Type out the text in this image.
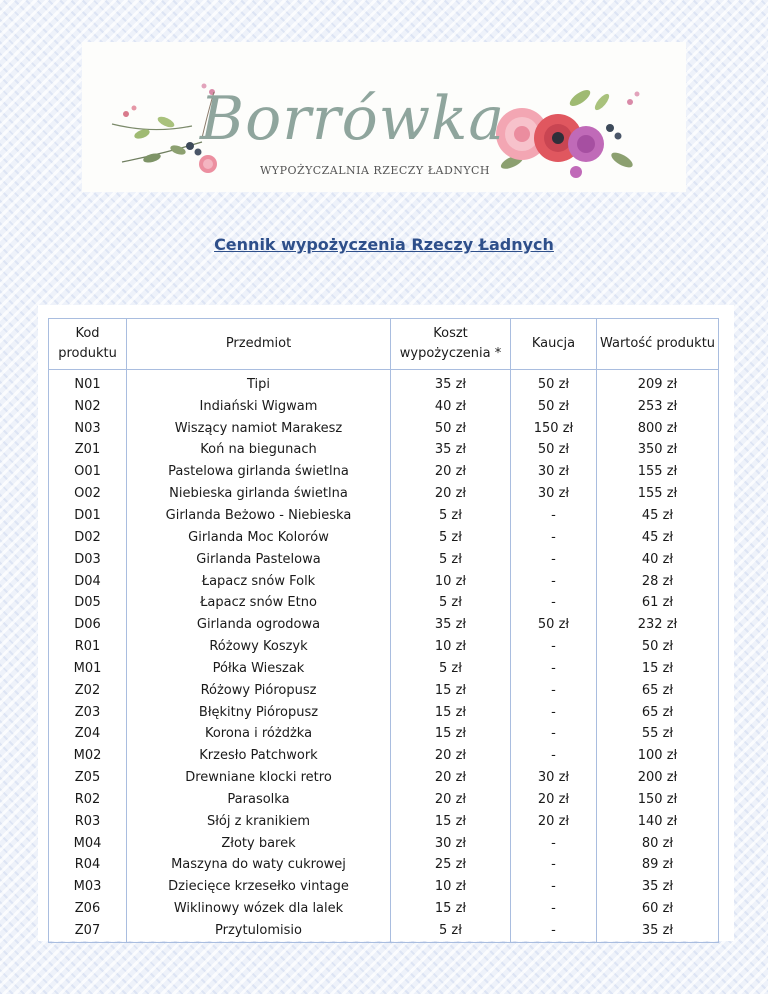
Borrówka
WYPOŻYCZALNIA RZECZY ŁADNYCH
Cennik wypożyczenia Rzeczy Ładnych
Kod produktu	Przedmiot	Koszt wypożyczenia *	Kaucja	Wartość produktu
N01	Tipi	35 zł	50 zł	209 zł
N02	Indiański Wigwam	40 zł	50 zł	253 zł
N03	Wiszący namiot Marakesz	50 zł	150 zł	800 zł
Z01	Koń na biegunach	35 zł	50 zł	350 zł
O01	Pastelowa girlanda świetlna	20 zł	30 zł	155 zł
O02	Niebieska girlanda świetlna	20 zł	30 zł	155 zł
D01	Girlanda Beżowo - Niebieska	5 zł	-	45 zł
D02	Girlanda Moc Kolorów	5 zł	-	45 zł
D03	Girlanda Pastelowa	5 zł	-	40 zł
D04	Łapacz snów Folk	10 zł	-	28 zł
D05	Łapacz snów Etno	5 zł	-	61 zł
D06	Girlanda ogrodowa	35 zł	50 zł	232 zł
R01	Różowy Koszyk	10 zł	-	50 zł
M01	Półka Wieszak	5 zł	-	15 zł
Z02	Różowy Pióropusz	15 zł	-	65 zł
Z03	Błękitny Pióropusz	15 zł	-	65 zł
Z04	Korona i różdżka	15 zł	-	55 zł
M02	Krzesło Patchwork	20 zł	-	100 zł
Z05	Drewniane klocki retro	20 zł	30 zł	200 zł
R02	Parasolka	20 zł	20 zł	150 zł
R03	Słój z kranikiem	15 zł	20 zł	140 zł
M04	Złoty barek	30 zł	-	80 zł
R04	Maszyna do waty cukrowej	25 zł	-	89 zł
M03	Dziecięce krzesełko vintage	10 zł	-	35 zł
Z06	Wiklinowy wózek dla lalek	15 zł	-	60 zł
Z07	Przytulomisio	5 zł	-	35 zł
